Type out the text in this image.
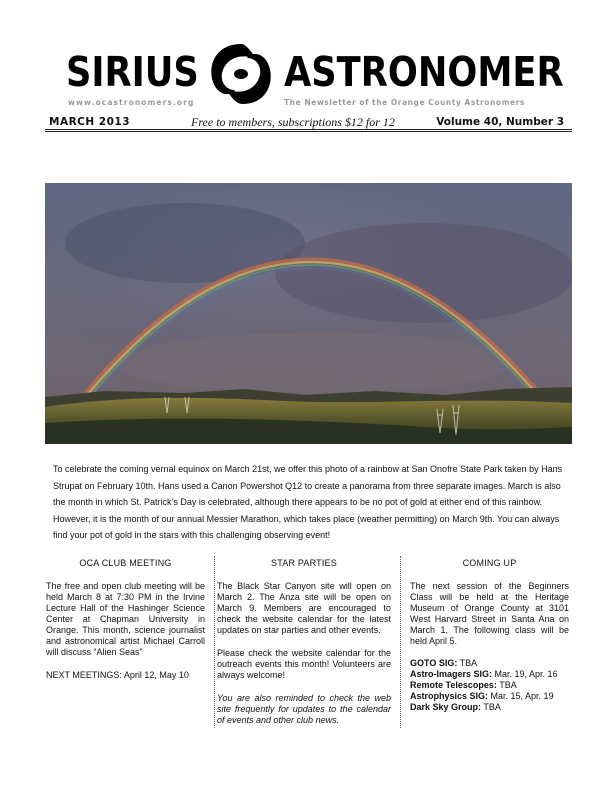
SIRIUS ASTRONOMER
www.ocastronomers.org	The Newsletter of the Orange County Astronomers
MARCH 2013	Free to members, subscriptions $12 for 12	Volume 40, Number 3

To celebrate the coming vernal equinox on March 21st, we offer this photo of a rainbow at San Onofre State Park taken by Hans Strupat on February 10th. Hans used a Canon Powershot Q12 to create a panorama from three separate images. March is also the month in which St. Patrick’s Day is celebrated, although there appears to be no pot of gold at either end of this rainbow. However, it is the month of our annual Messier Marathon, which takes place (weather permitting) on March 9th. You can always find your pot of gold in the stars with this challenging observing event!

OCA CLUB MEETING

The free and open club meeting will be held March 8 at 7:30 PM in the Irvine Lecture Hall of the Hashinger Science Center at Chapman University in Orange. This month, science journalist and astronomical artist Michael Carroll will discuss “Alien Seas”

NEXT MEETINGS: April 12, May 10

STAR PARTIES

The Black Star Canyon site will open on March 2. The Anza site will be open on March 9. Members are encouraged to check the website calendar for the latest updates on star parties and other events.

Please check the website calendar for the outreach events this month! Volunteers are always welcome!

You are also reminded to check the web site frequently for updates to the calendar of events and other club news.

COMING UP

The next session of the Beginners Class will be held at the Heritage Museum of Orange County at 3101 West Harvard Street in Santa Ana on March 1. The following class will be held April 5.

GOTO SIG: TBA

Astro-Imagers SIG: Mar. 19, Apr. 16

Remote Telescopes: TBA

Astrophysics SIG: Mar. 15, Apr. 19

Dark Sky Group: TBA
